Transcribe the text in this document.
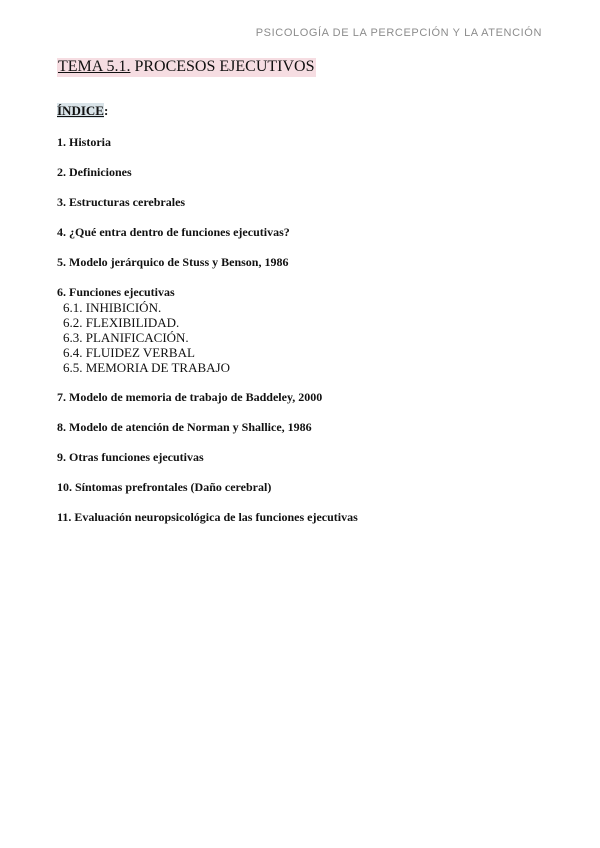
PSICOLOGÍA DE LA PERCEPCIÓN Y LA ATENCIÓN
TEMA 5.1. PROCESOS EJECUTIVOS
ÍNDICE:
1. Historia
2. Definiciones
3. Estructuras cerebrales
4. ¿Qué entra dentro de funciones ejecutivas?
5. Modelo jerárquico de Stuss y Benson, 1986
6. Funciones ejecutivas
6.1. INHIBICIÓN.
6.2. FLEXIBILIDAD.
6.3. PLANIFICACIÓN.
6.4. FLUIDEZ VERBAL
6.5. MEMORIA DE TRABAJO
7. Modelo de memoria de trabajo de Baddeley, 2000
8. Modelo de atención de Norman y Shallice, 1986
9. Otras funciones ejecutivas
10. Síntomas prefrontales (Daño cerebral)
11. Evaluación neuropsicológica de las funciones ejecutivas
